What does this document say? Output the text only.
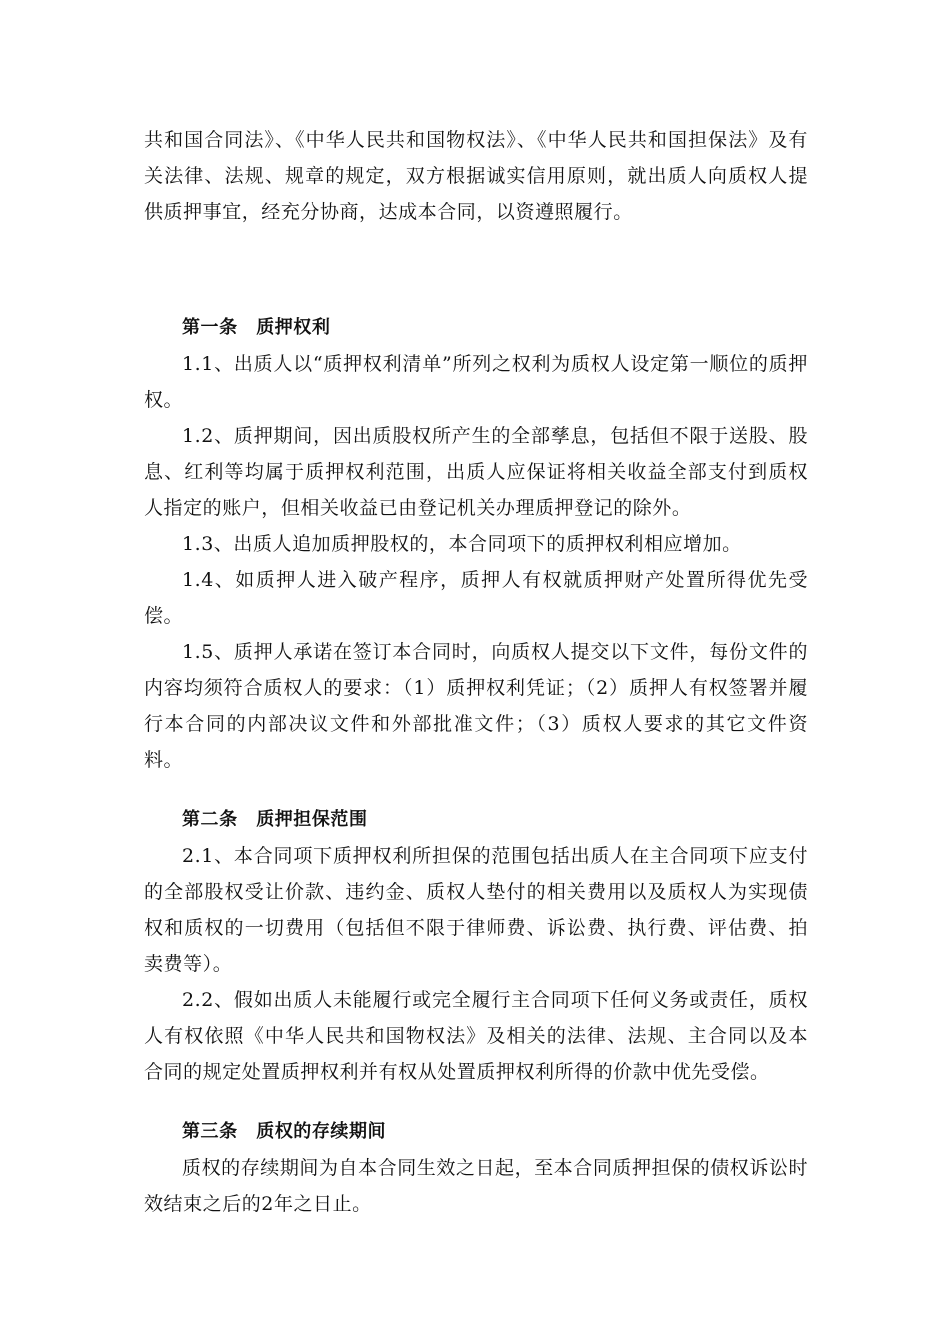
共和国合同法》、《中华人民共和国物权法》、《中华人民共和国担保法》及有关法律、法规、规章的规定，双方根据诚实信用原则，就出质人向质权人提供质押事宜，经充分协商，达成本合同，以资遵照履行。

第一条　质押权利

1.1、出质人以“质押权利清单”所列之权利为质权人设定第一顺位的质押权。

1.2、质押期间，因出质股权所产生的全部孳息，包括但不限于送股、股息、红利等均属于质押权利范围，出质人应保证将相关收益全部支付到质权人指定的账户，但相关收益已由登记机关办理质押登记的除外。

1.3、出质人追加质押股权的，本合同项下的质押权利相应增加。

1.4、如质押人进入破产程序，质押人有权就质押财产处置所得优先受偿。

1.5、质押人承诺在签订本合同时，向质权人提交以下文件，每份文件的内容均须符合质权人的要求：（1）质押权利凭证；（2）质押人有权签署并履行本合同的内部决议文件和外部批准文件；（3）质权人要求的其它文件资料。

第二条　质押担保范围

2.1、本合同项下质押权利所担保的范围包括出质人在主合同项下应支付的全部股权受让价款、违约金、质权人垫付的相关费用以及质权人为实现债权和质权的一切费用（包括但不限于律师费、诉讼费、执行费、评估费、拍卖费等）。

2.2、假如出质人未能履行或完全履行主合同项下任何义务或责任，质权人有权依照《中华人民共和国物权法》及相关的法律、法规、主合同以及本合同的规定处置质押权利并有权从处置质押权利所得的价款中优先受偿。

第三条　质权的存续期间

质权的存续期间为自本合同生效之日起，至本合同质押担保的债权诉讼时效结束之后的2年之日止。
